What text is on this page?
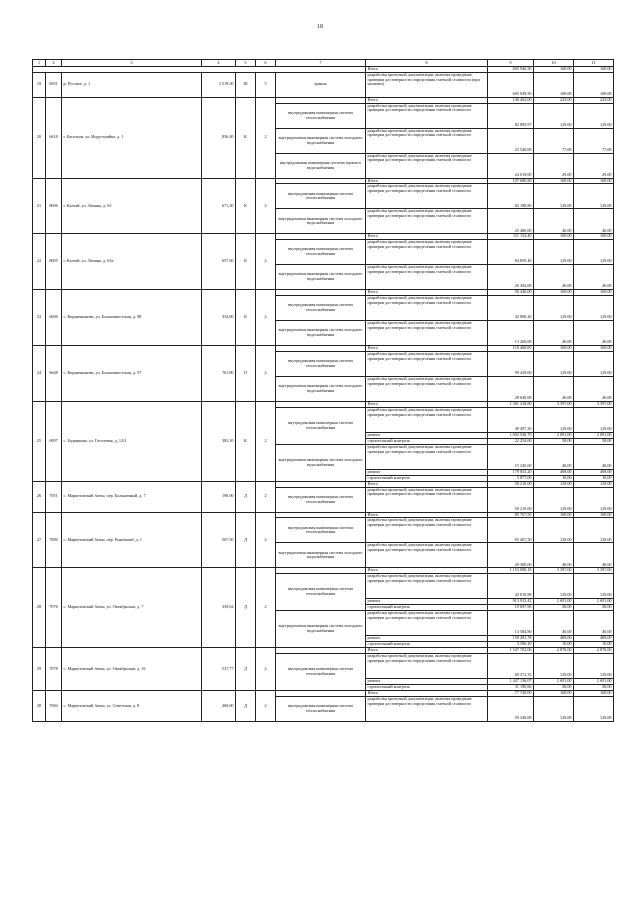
18
1	2	3	4	5	6	7	8	9	10	11
							Итого	605 946,50	169,00	169,00
19	6931	р. Русское, д. 1	3 519,50	III	5	крыша	разработка проектной документации, включая проведение проверки достоверности определения сметной стоимости (при наличии)	605 949,50	169,00	169,00
20	6618	г. Батальон, ул. Индустрийка, д. 1	856,40	К	2		Итого	146 462,00	235,00	235,00
						внутридомовая инженерная система теплоснабжения	разработка проектной документации, включая проведение проверки достоверности определения сметной стоимости	82 895,97	129,00	129,00
						внутридомовая инженерная система холодного водоснабжения	разработка проектной документации, включая проведение проверки достоверности определения сметной стоимости	23 546,00	77,00	77,00
						внутридомовая инженерная система горячего водоснабжения	разработка проектной документации, включая проведение проверки достоверности определения сметной стоимости	24 019,00	29,00	29,00
21	8006	г. Калтай, ул. Ленина, д. 65	671,30	К	2		Итого	107 680,80	169,00	169,00
						внутридомовая инженерная система теплоснабжения	разработка проектной документации, включая проведение проверки достоверности определения сметной стоимости	82 198,80	129,00	129,00
						внутридомовая инженерная система холодного водоснабжения	разработка проектной документации, включая проведение проверки достоверности определения сметной стоимости	25 480,00	40,00	40,00
22	8005	г. Калтай, ул. Ленина, д. 65а	657,60	К	2		Итого	111 154,40	169,00	169,00
						внутридомовая инженерная система теплоснабжения	разработка проектной документации, включая проведение проверки достоверности определения сметной стоимости	84 850,40	129,00	129,00
						внутридомовая инженерная система холодного водоснабжения	разработка проектной документации, включая проведение проверки достоверности определения сметной стоимости	26 304,00	40,00	40,00
23	6606	с. Кирпичниково, ул. Большевистская, д. 88	334,80	К	2		Итого	56 446,00	169,00	169,00
						внутридомовая инженерная система теплоснабжения	разработка проектной документации, включая проведение проверки достоверности определения сметной стоимости	43 069,20	129,00	129,00
						внутридомовая инженерная система холодного водоснабжения	разработка проектной документации, включая проведение проверки достоверности определения сметной стоимости	13 260,00	40,00	40,00
24	6648	с. Кирпичниково, ул. Большевистская, д. 97	701,80	II	2		Итого	118 469,00	169,00	169,00
						внутридомовая инженерная система теплоснабжения	разработка проектной документации, включая проведение проверки достоверности определения сметной стоимости	99 429,00	129,00	129,00
						внутридомовая инженерная система холодного водоснабжения	разработка проектной документации, включая проведение проверки достоверности определения сметной стоимости	28 040,00	40,00	40,00
25	6997	с. Бадмакино, ул. Гоголевая, д. 12/2	383,10	К	2		Итого	1 301 418,80	3 397,00	3 397,00
						внутридомовая инженерная система теплоснабжения	разработка проектной документации, включая проведение проверки достоверности определения сметной стоимости	49 497,30	129,00	129,00
							ремонт	1 002 536,70	2 691,00	2 691,00
							строительный контроль	22 254,60	58,00	58,00
						внутридомовая инженерная система холодного водоснабжения	разработка проектной документации, включая проведение проверки достоверности определения сметной стоимости	15 340,00	40,00	40,00
							ремонт	179 053,20	469,00	469,00
							строительный контроль	5 877,00	10,00	10,00
26	7051	с. Маркеловский Затон, пер. Больничный, д. 7	190,00	Д	2		Итого	50 210,00	129,00	129,00
						внутридомовая инженерная система теплоснабжения	разработка проектной документации, включая проведение проверки достоверности определения сметной стоимости	50 210,00	129,00	129,00
27	7890	с. Маркеловский Затон, пер. Рыночный, д. 1	507,50	Д	2		Итого	85 767,50	169,00	169,00
						внутридомовая инженерная система теплоснабжения	разработка проектной документации, включая проведение проверки достоверности определения сметной стоимости	65 467,50	129,00	129,00
						внутридомовая инженерная система холодного водоснабжения	разработка проектной документации, включая проведение проверки достоверности определения сметной стоимости	20 300,00	40,00	40,00
28	7076	с. Маркеловский Затон, ул. Октябрьская, д. 7	339,62	Д	2		Итого	1 153 088,18	3 397,00	3 397,00
						внутридомовая инженерная система теплоснабжения	разработка проектной документации, включая проведение проверки достоверности определения сметной стоимости	43 810,98	129,00	129,00
							ремонт	913 913,42	2 691,00	2 691,00
							строительный контроль	19 697,96	58,00	58,00
						внутридомовая инженерная система холодного водоснабжения	разработка проектной документации, включая проведение проверки достоверности определения сметной стоимости	13 584,80	40,00	40,00
							ремонт	159 281,78	469,00	469,00
							строительный контроль	3 396,20	10,00	10,00
29	7078	с. Маркеловский Затон, ул. Октябрьская, д. 16	537,77	Д	2		Итого	1 547 702,06	2 878,00	2 878,00
						внутридомовая инженерная система теплоснабжения	разработка проектной документации, включая проведение проверки достоверности определения сметной стоимости	69 372,33	129,00	129,00
							ремонт	1 447 136,07	2 691,00	2 691,00
							строительный контроль	31 190,66	58,00	58,00
30	7084	с. Маркеловский Затон, ул. Советская, д. 8	460,00	Д	2		Итого	77 740,00	169,00	169,00
						внутридомовая инженерная система теплоснабжения	разработка проектной документации, включая проведение проверки достоверности определения сметной стоимости	59 340,00	129,00	129,00
